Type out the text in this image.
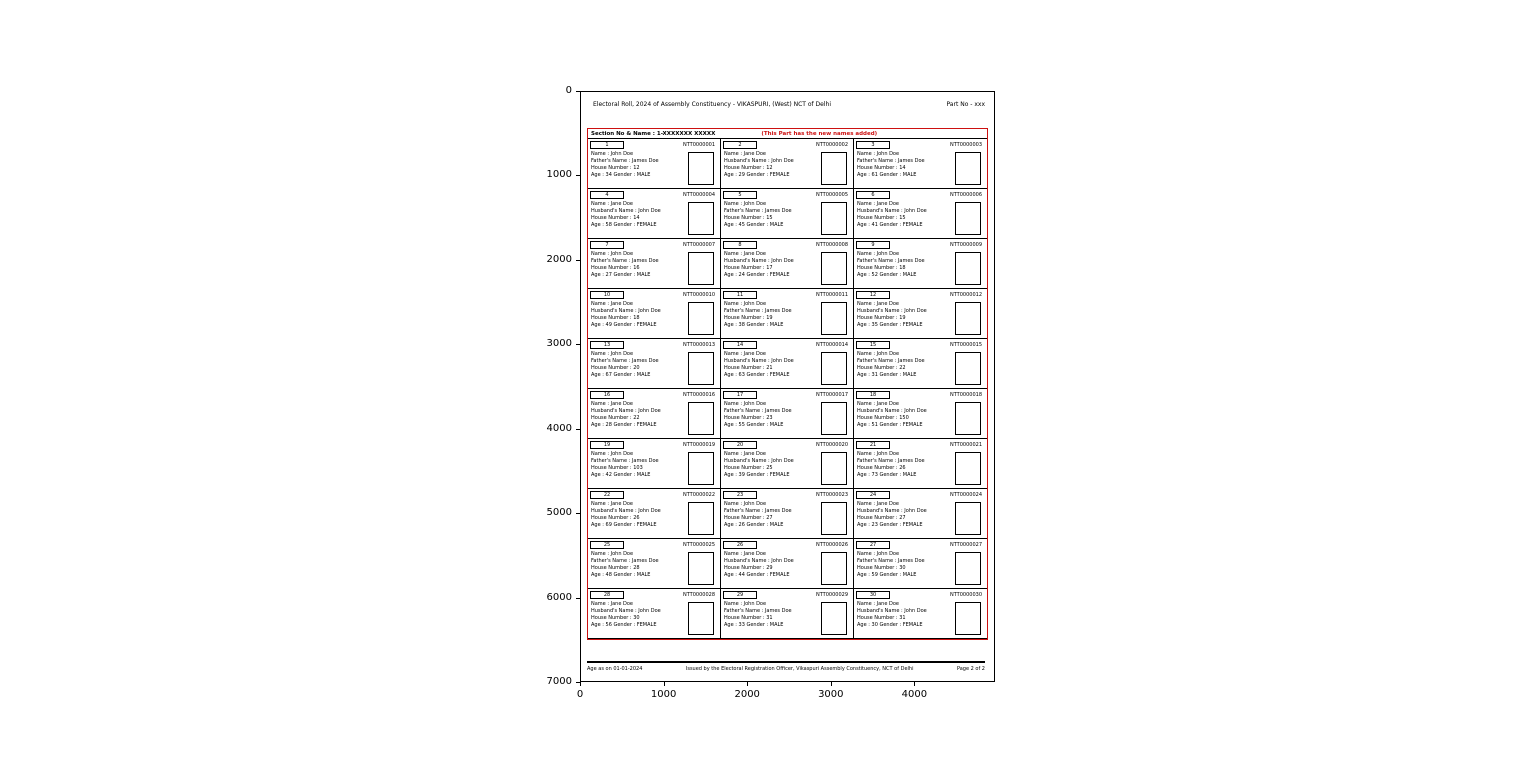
Electoral Roll, 2024 of Assembly Constituency - VIKASPURI, (West) NCT of Delhi	Part No - xxx
Section No & Name : 1-XXXXXXX XXXXX	(This Part has the new names added)
1	NTT0000001
Name : John Doe
Father's Name : James Doe
House Number : 12
Age : 34 Gender : MALE
2	NTT0000002
Name : Jane Doe
Husband's Name : John Doe
House Number : 12
Age : 29 Gender : FEMALE
3	NTT0000003
Name : John Doe
Father's Name : James Doe
House Number : 14
Age : 61 Gender : MALE
4	NTT0000004
Name : Jane Doe
Husband's Name : John Doe
House Number : 14
Age : 58 Gender : FEMALE
5	NTT0000005
Name : John Doe
Father's Name : James Doe
House Number : 15
Age : 45 Gender : MALE
6	NTT0000006
Name : Jane Doe
Husband's Name : John Doe
House Number : 15
Age : 41 Gender : FEMALE
7	NTT0000007
Name : John Doe
Father's Name : James Doe
House Number : 16
Age : 27 Gender : MALE
8	NTT0000008
Name : Jane Doe
Husband's Name : John Doe
House Number : 17
Age : 24 Gender : FEMALE
9	NTT0000009
Name : John Doe
Father's Name : James Doe
House Number : 18
Age : 52 Gender : MALE
10	NTT0000010
Name : Jane Doe
Husband's Name : John Doe
House Number : 18
Age : 49 Gender : FEMALE
11	NTT0000011
Name : John Doe
Father's Name : James Doe
House Number : 19
Age : 38 Gender : MALE
12	NTT0000012
Name : Jane Doe
Husband's Name : John Doe
House Number : 19
Age : 35 Gender : FEMALE
13	NTT0000013
Name : John Doe
Father's Name : James Doe
House Number : 20
Age : 67 Gender : MALE
14	NTT0000014
Name : Jane Doe
Husband's Name : John Doe
House Number : 21
Age : 63 Gender : FEMALE
15	NTT0000015
Name : John Doe
Father's Name : James Doe
House Number : 22
Age : 31 Gender : MALE
16	NTT0000016
Name : Jane Doe
Husband's Name : John Doe
House Number : 22
Age : 28 Gender : FEMALE
17	NTT0000017
Name : John Doe
Father's Name : James Doe
House Number : 23
Age : 55 Gender : MALE
18	NTT0000018
Name : Jane Doe
Husband's Name : John Doe
House Number : 150
Age : 51 Gender : FEMALE
19	NTT0000019
Name : John Doe
Father's Name : James Doe
House Number : 103
Age : 42 Gender : MALE
20	NTT0000020
Name : Jane Doe
Husband's Name : John Doe
House Number : 25
Age : 39 Gender : FEMALE
21	NTT0000021
Name : John Doe
Father's Name : James Doe
House Number : 26
Age : 73 Gender : MALE
22	NTT0000022
Name : Jane Doe
Husband's Name : John Doe
House Number : 26
Age : 69 Gender : FEMALE
23	NTT0000023
Name : John Doe
Father's Name : James Doe
House Number : 27
Age : 26 Gender : MALE
24	NTT0000024
Name : Jane Doe
Husband's Name : John Doe
House Number : 27
Age : 23 Gender : FEMALE
25	NTT0000025
Name : John Doe
Father's Name : James Doe
House Number : 28
Age : 48 Gender : MALE
26	NTT0000026
Name : Jane Doe
Husband's Name : John Doe
House Number : 29
Age : 44 Gender : FEMALE
27	NTT0000027
Name : John Doe
Father's Name : James Doe
House Number : 30
Age : 59 Gender : MALE
28	NTT0000028
Name : Jane Doe
Husband's Name : John Doe
House Number : 30
Age : 56 Gender : FEMALE
29	NTT0000029
Name : John Doe
Father's Name : James Doe
House Number : 31
Age : 33 Gender : MALE
30	NTT0000030
Name : Jane Doe
Husband's Name : John Doe
House Number : 31
Age : 30 Gender : FEMALE
Age as on 01-01-2024	Issued by the Electoral Registration Officer, Vikaspuri Assembly Constituency, NCT of Delhi	Page 2 of 2
0	1000	2000	3000	4000
0
1000
2000
3000
4000
5000
6000
7000
